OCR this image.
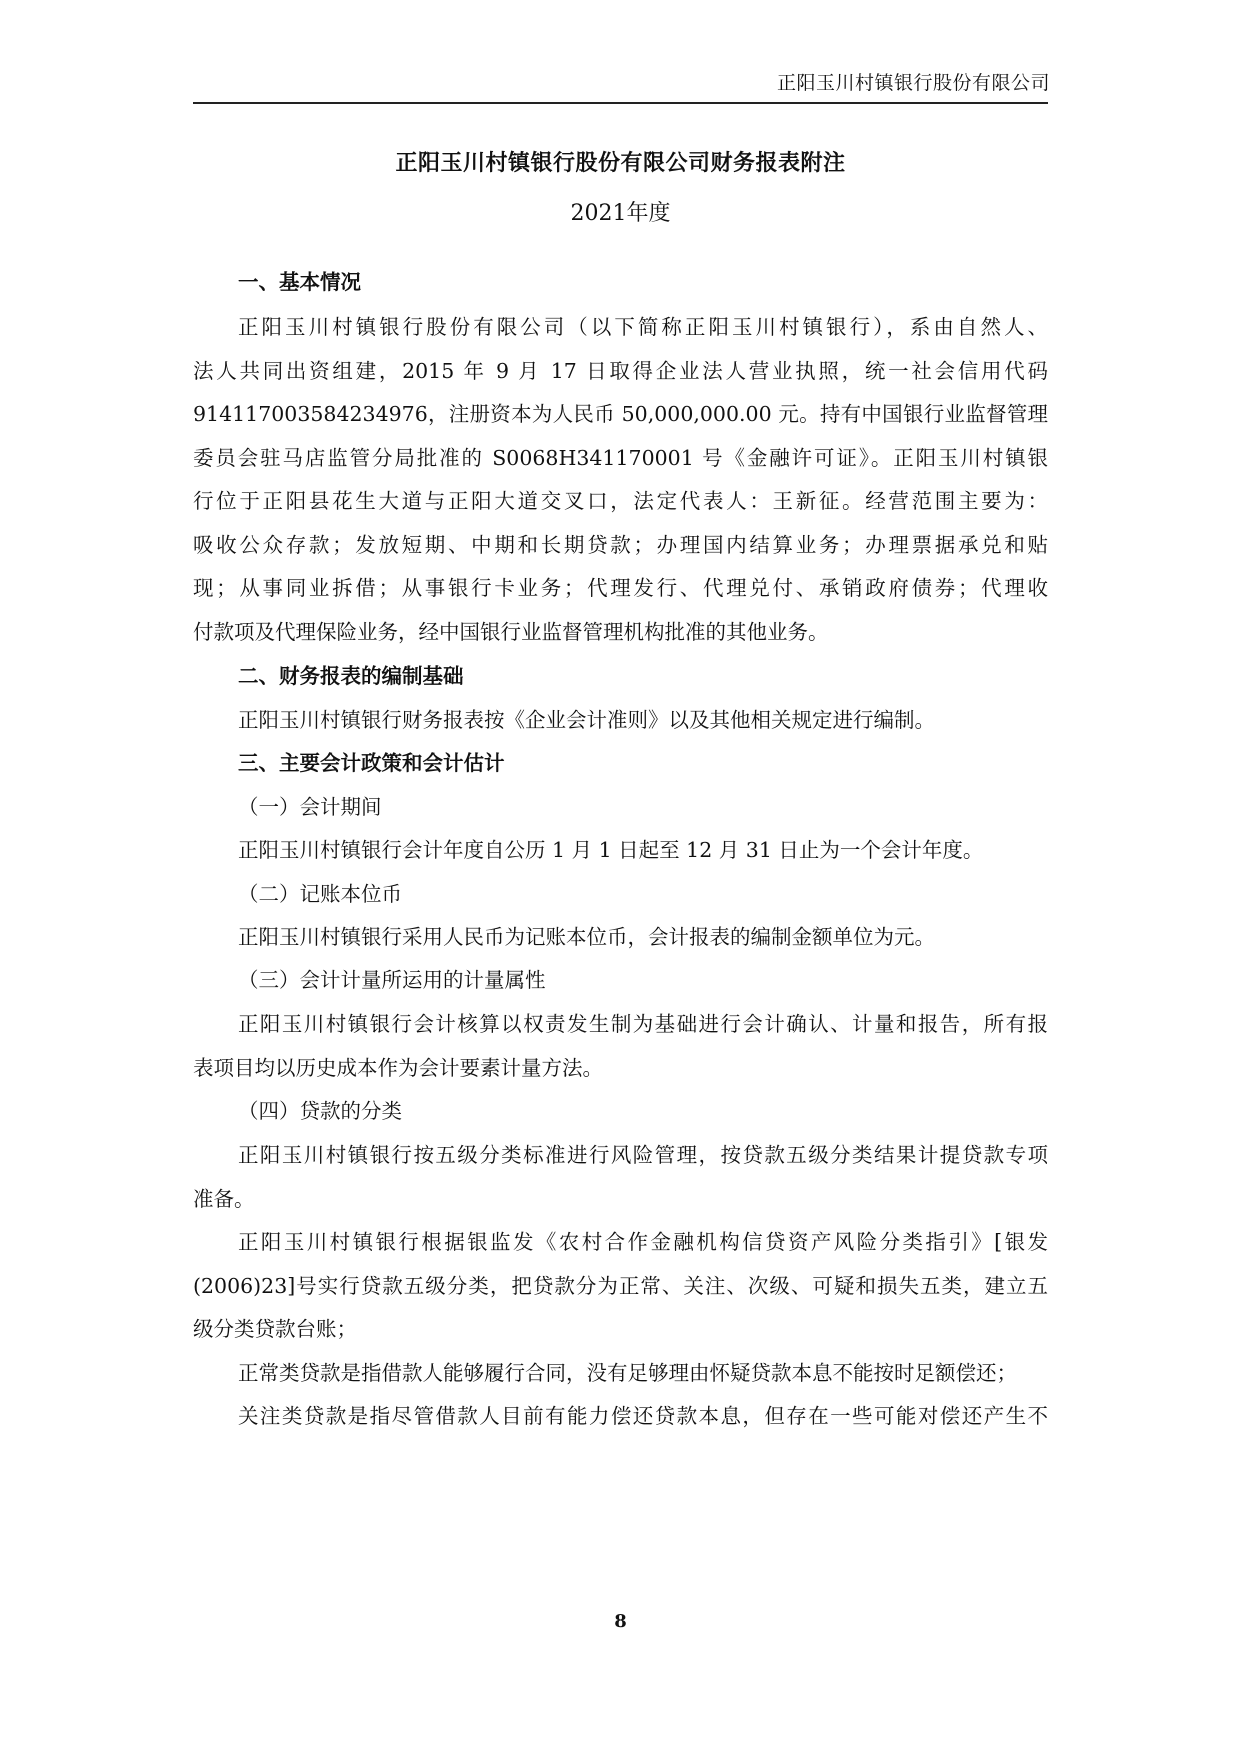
正阳玉川村镇银行股份有限公司
正阳玉川村镇银行股份有限公司财务报表附注
2021年度
一、基本情况
正阳玉川村镇银行股份有限公司（以下简称正阳玉川村镇银行），系由自然人、
法人共同出资组建，2015 年 9 月 17 日取得企业法人营业执照，统一社会信用代码
914117003584234976，注册资本为人民币 50,000,000.00 元。持有中国银行业监督管理
委员会驻马店监管分局批准的 S0068H341170001 号《金融许可证》。正阳玉川村镇银
行位于正阳县花生大道与正阳大道交叉口，法定代表人：王新征。经营范围主要为：
吸收公众存款；发放短期、中期和长期贷款；办理国内结算业务；办理票据承兑和贴
现；从事同业拆借；从事银行卡业务；代理发行、代理兑付、承销政府债券；代理收
付款项及代理保险业务，经中国银行业监督管理机构批准的其他业务。
二、财务报表的编制基础
正阳玉川村镇银行财务报表按《企业会计准则》以及其他相关规定进行编制。
三、主要会计政策和会计估计
（一）会计期间
正阳玉川村镇银行会计年度自公历 1 月 1 日起至 12 月 31 日止为一个会计年度。
（二）记账本位币
正阳玉川村镇银行采用人民币为记账本位币，会计报表的编制金额单位为元。
（三）会计计量所运用的计量属性
正阳玉川村镇银行会计核算以权责发生制为基础进行会计确认、计量和报告，所有报
表项目均以历史成本作为会计要素计量方法。
（四）贷款的分类
正阳玉川村镇银行按五级分类标准进行风险管理，按贷款五级分类结果计提贷款专项
准备。
正阳玉川村镇银行根据银监发《农村合作金融机构信贷资产风险分类指引》[银发
(2006)23]号实行贷款五级分类，把贷款分为正常、关注、次级、可疑和损失五类，建立五
级分类贷款台账；
正常类贷款是指借款人能够履行合同，没有足够理由怀疑贷款本息不能按时足额偿还；
关注类贷款是指尽管借款人目前有能力偿还贷款本息，但存在一些可能对偿还产生不
8
